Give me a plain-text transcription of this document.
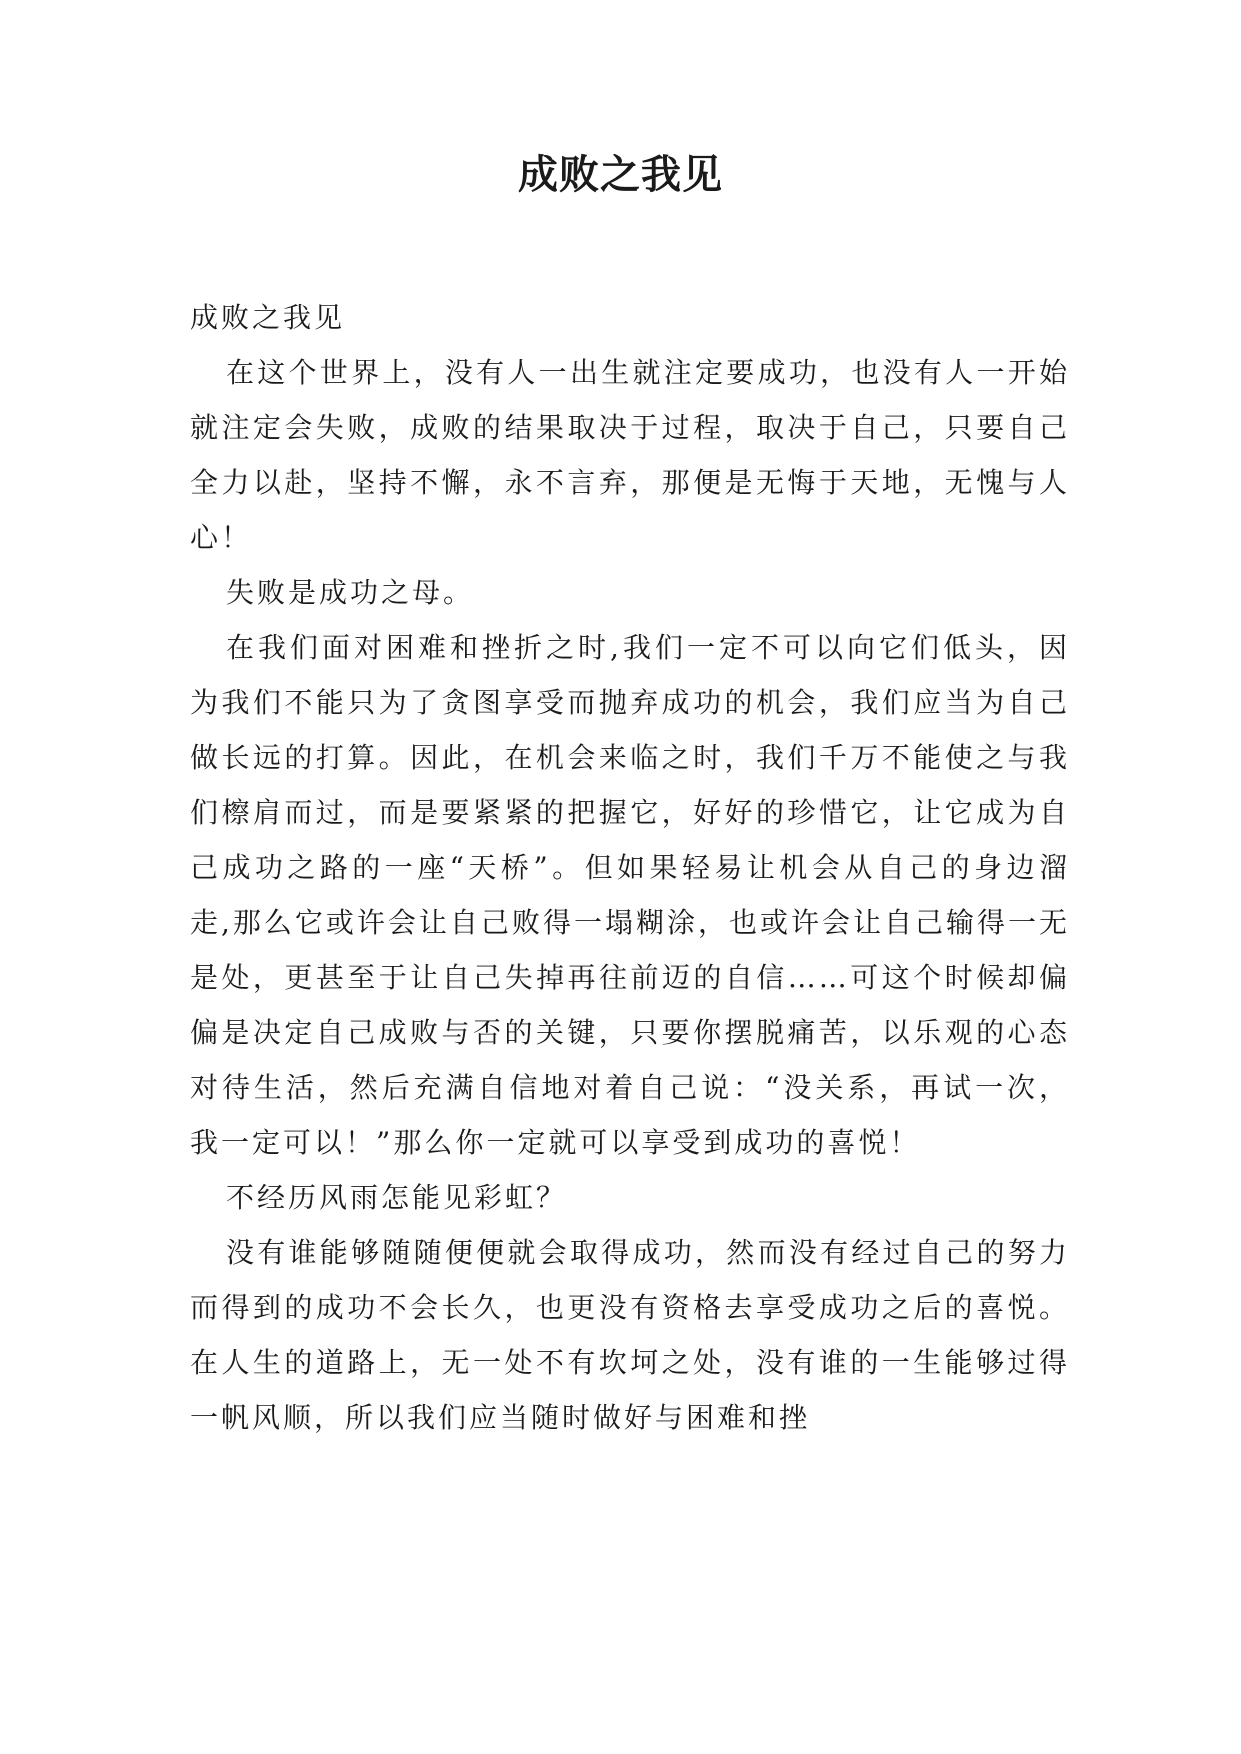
成败之我见

成败之我见

在这个世界上，没有人一出生就注定要成功，也没有人一开始就注定会失败，成败的结果取决于过程，取决于自己，只要自己全力以赴，坚持不懈，永不言弃，那便是无悔于天地，无愧与人心！

失败是成功之母。

在我们面对困难和挫折之时,我们一定不可以向它们低头，因为我们不能只为了贪图享受而抛弃成功的机会，我们应当为自己做长远的打算。因此，在机会来临之时，我们千万不能使之与我们檫肩而过，而是要紧紧的把握它，好好的珍惜它，让它成为自己成功之路的一座“天桥”。但如果轻易让机会从自己的身边溜走,那么它或许会让自己败得一塌糊涂，也或许会让自己输得一无是处，更甚至于让自己失掉再往前迈的自信……可这个时候却偏偏是决定自己成败与否的关键，只要你摆脱痛苦，以乐观的心态对待生活，然后充满自信地对着自己说：“没关系，再试一次，我一定可以！”那么你一定就可以享受到成功的喜悦！

不经历风雨怎能见彩虹？

没有谁能够随随便便就会取得成功，然而没有经过自己的努力而得到的成功不会长久，也更没有资格去享受成功之后的喜悦。在人生的道路上，无一处不有坎坷之处，没有谁的一生能够过得一帆风顺，所以我们应当随时做好与困难和挫
